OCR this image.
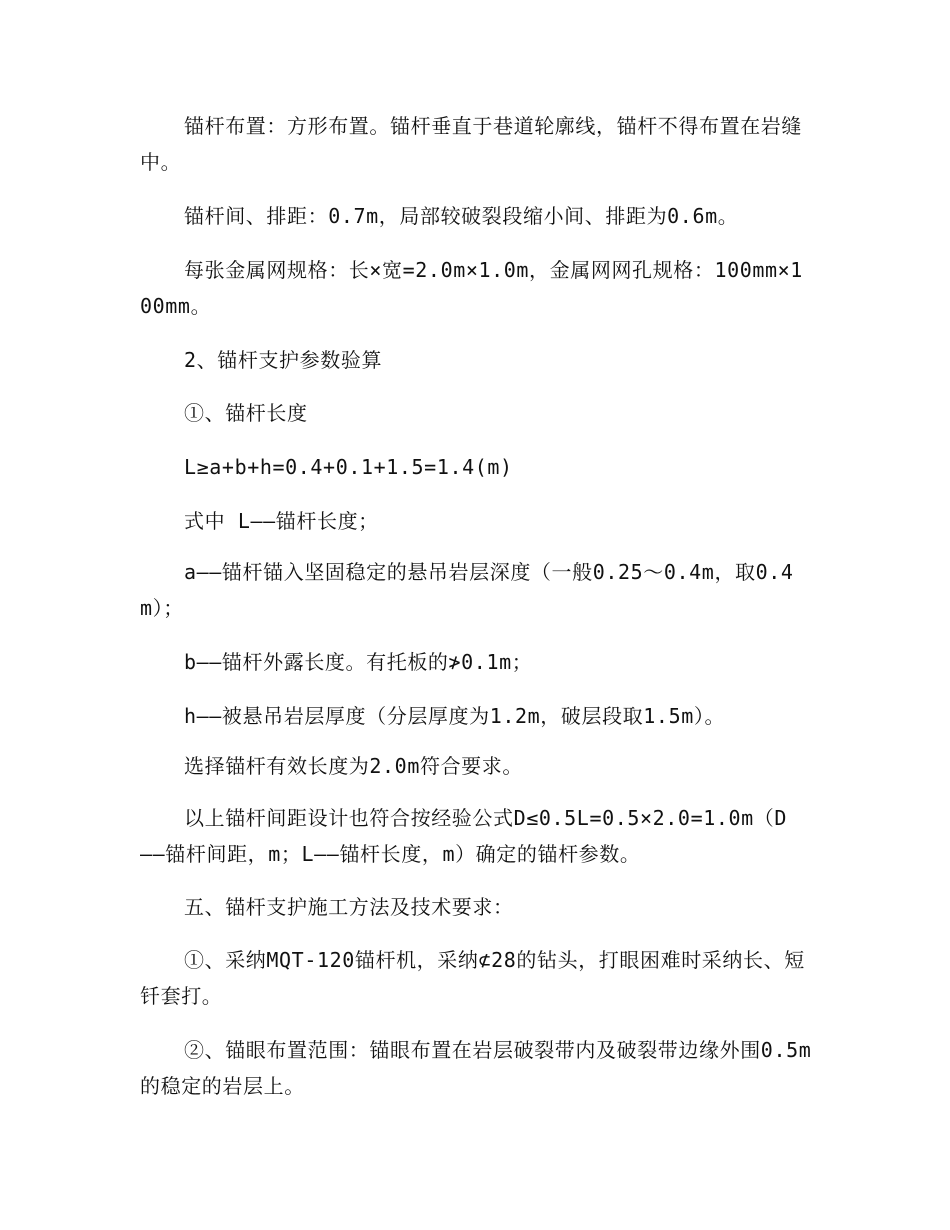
锚杆布置：方形布置。锚杆垂直于巷道轮廓线，锚杆不得布置在岩缝中。

锚杆间、排距：0.7m，局部较破裂段缩小间、排距为0.6m。

每张金属网规格：长×宽=2.0m×1.0m，金属网网孔规格：100mm×100mm。

2、锚杆支护参数验算

①、锚杆长度

L≥a+b+h=0.4+0.1+1.5=1.4(m)

式中 L——锚杆长度；

a——锚杆锚入坚固稳定的悬吊岩层深度（一般0.25～0.4m，取0.4m）；

b——锚杆外露长度。有托板的≯0.1m；

h——被悬吊岩层厚度（分层厚度为1.2m，破层段取1.5m）。

选择锚杆有效长度为2.0m符合要求。

以上锚杆间距设计也符合按经验公式D≤0.5L=0.5×2.0=1.0m（D——锚杆间距，m；L——锚杆长度，m）确定的锚杆参数。

五、锚杆支护施工方法及技术要求：

①、采纳MQT-120锚杆机，采纳⊄28的钻头，打眼困难时采纳长、短钎套打。

②、锚眼布置范围：锚眼布置在岩层破裂带内及破裂带边缘外围0.5m的稳定的岩层上。
